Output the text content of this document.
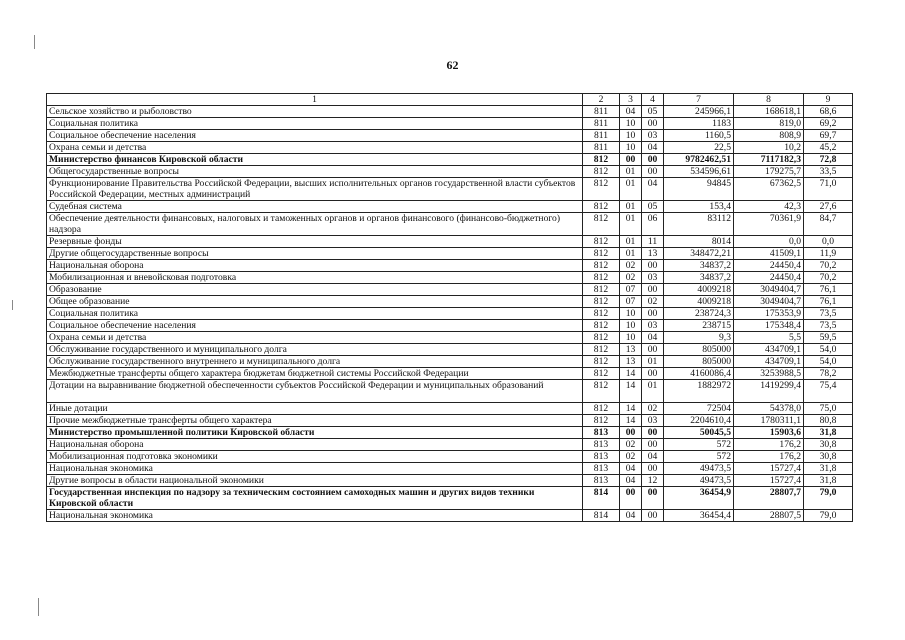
62
1	2	3	4	7	8	9
Сельское хозяйство и рыболовство	811	04	05	245966,1	168618,1	68,6
Социальная политика	811	10	00	1183	819,0	69,2
Социальное обеспечение населения	811	10	03	1160,5	808,9	69,7
Охрана семьи и детства	811	10	04	22,5	10,2	45,2
Министерство финансов Кировской области	812	00	00	9782462,51	7117182,3	72,8
Общегосударственные вопросы	812	01	00	534596,61	179275,7	33,5
Функционирование Правительства Российской Федерации, высших исполнительных органов государственной власти субъектов Российской Федерации, местных администраций	812	01	04	94845	67362,5	71,0
Судебная система	812	01	05	153,4	42,3	27,6
Обеспечение деятельности финансовых, налоговых и таможенных органов и органов финансового (финансово-бюджетного) надзора	812	01	06	83112	70361,9	84,7
Резервные фонды	812	01	11	8014	0,0	0,0
Другие общегосударственные вопросы	812	01	13	348472,21	41509,1	11,9
Национальная оборона	812	02	00	34837,2	24450,4	70,2
Мобилизационная и вневойсковая подготовка	812	02	03	34837,2	24450,4	70,2
Образование	812	07	00	4009218	3049404,7	76,1
Общее образование	812	07	02	4009218	3049404,7	76,1
Социальная политика	812	10	00	238724,3	175353,9	73,5
Социальное обеспечение населения	812	10	03	238715	175348,4	73,5
Охрана семьи и детства	812	10	04	9,3	5,5	59,5
Обслуживание государственного и муниципального долга	812	13	00	805000	434709,1	54,0
Обслуживание государственного внутреннего и муниципального долга	812	13	01	805000	434709,1	54,0
Межбюджетные трансферты общего характера бюджетам бюджетной системы Российской Федерации	812	14	00	4160086,4	3253988,5	78,2
Дотации на выравнивание бюджетной обеспеченности субъектов Российской Федерации и муниципальных образований	812	14	01	1882972	1419299,4	75,4
Иные дотации	812	14	02	72504	54378,0	75,0
Прочие межбюджетные трансферты общего характера	812	14	03	2204610,4	1780311,1	80,8
Министерство промышленной политики Кировской области	813	00	00	50045,5	15903,6	31,8
Национальная оборона	813	02	00	572	176,2	30,8
Мобилизационная подготовка экономики	813	02	04	572	176,2	30,8
Национальная экономика	813	04	00	49473,5	15727,4	31,8
Другие вопросы в области национальной экономики	813	04	12	49473,5	15727,4	31,8
Государственная инспекция по надзору за техническим состоянием самоходных машин и других видов техники Кировской области	814	00	00	36454,9	28807,7	79,0
Национальная экономика	814	04	00	36454,4	28807,5	79,0
